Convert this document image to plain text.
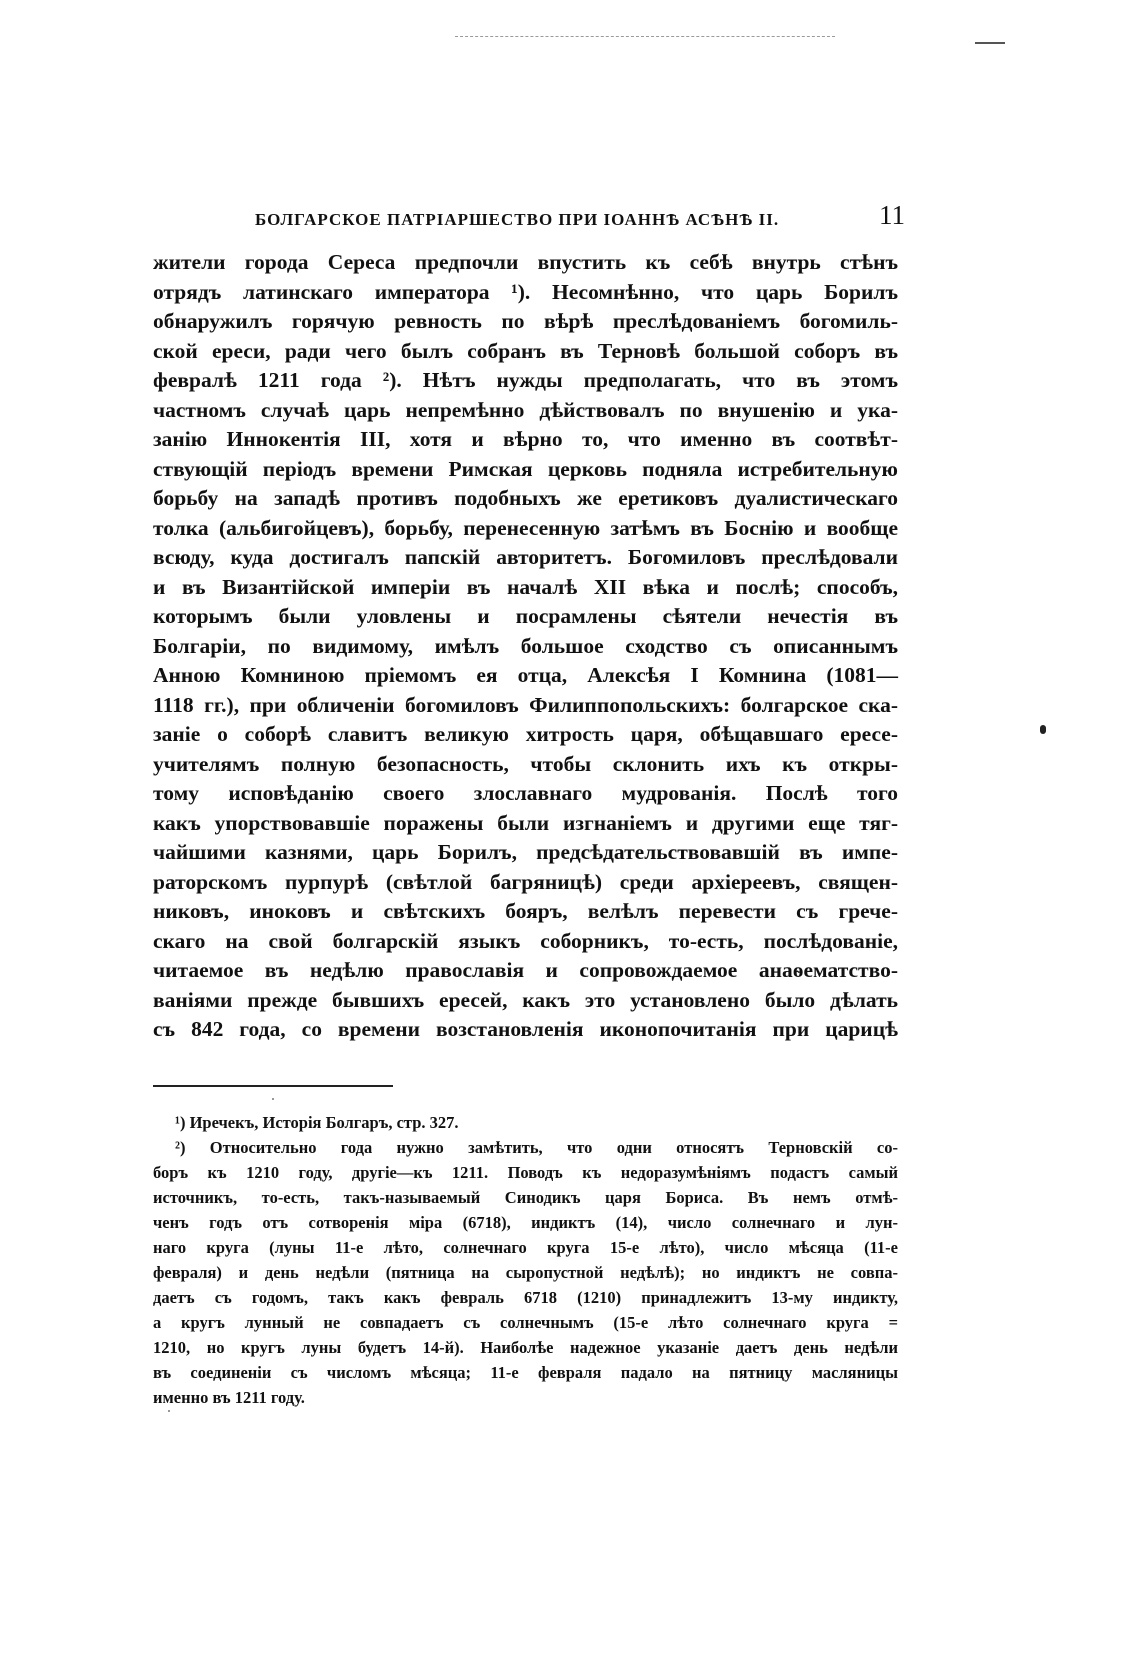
БОЛГАРСКОЕ ПАТРІАРШЕСТВО ПРИ ІОАННѢ АСѢНѢ II.	11
жители города Сереса предпочли впустить къ себѣ внутрь стѣнъ
отрядъ латинскаго императора ¹). Несомнѣнно, что царь Борилъ
обнаружилъ горячую ревность по вѣрѣ преслѣдованіемъ богомиль-
ской ереси, ради чего былъ собранъ въ Терновѣ большой соборъ въ
февралѣ 1211 года ²). Нѣтъ нужды предполагать, что въ этомъ
частномъ случаѣ царь непремѣнно дѣйствовалъ по внушенію и ука-
занію Иннокентія III, хотя и вѣрно то, что именно въ соотвѣт-
ствующій періодъ времени Римская церковь подняла истребительную
борьбу на западѣ противъ подобныхъ же еретиковъ дуалистическаго
толка (альбигойцевъ), борьбу, перенесенную затѣмъ въ Боснію и вообще
всюду, куда достигалъ папскій авторитетъ. Богомиловъ преслѣдовали
и въ Византійской имперіи въ началѣ XII вѣка и послѣ; способъ,
которымъ были уловлены и посрамлены сѣятели нечестія въ
Болгаріи, по видимому, имѣлъ большое сходство съ описаннымъ
Анною Комниною пріемомъ ея отца, Алексѣя I Комнина (1081—
1118 гг.), при обличеніи богомиловъ Филиппопольскихъ: болгарское ска-
заніе о соборѣ славитъ великую хитрость царя, обѣщавшаго ересе-
учителямъ полную безопасность, чтобы склонить ихъ къ откры-
тому исповѣданію своего злославнаго мудрованія. Послѣ того
какъ упорствовавшіе поражены были изгнаніемъ и другими еще тяг-
чайшими казнями, царь Борилъ, предсѣдательствовавшій въ импе-
раторскомъ пурпурѣ (свѣтлой багряницѣ) среди архіереевъ, священ-
никовъ, иноковъ и свѣтскихъ бояръ, велѣлъ перевести съ грече-
скаго на свой болгарскій языкъ соборникъ, то-есть, послѣдованіе,
читаемое въ недѣлю православія и сопровождаемое анаѳематство-
ваніями прежде бывшихъ ересей, какъ это установлено было дѣлать
съ 842 года, со времени возстановленія иконопочитанія при царицѣ
¹) Иречекъ, Исторія Болгаръ, стр. 327.
²) Относительно года нужно замѣтить, что одни относятъ Терновскій со-
боръ къ 1210 году, другіе—къ 1211. Поводъ къ недоразумѣніямъ подастъ самый
источникъ, то-есть, такъ-называемый Синодикъ царя Бориса. Въ немъ отмѣ-
ченъ годъ отъ сотворенія міра (6718), индиктъ (14), число солнечнаго и лун-
наго круга (луны 11-е лѣто, солнечнаго круга 15-е лѣто), число мѣсяца (11-е
февраля) и день недѣли (пятница на сыропустной недѣлѣ); но индиктъ не совпа-
даетъ съ годомъ, такъ какъ февраль 6718 (1210) принадлежитъ 13-му индикту,
а кругъ лунный не совпадаетъ съ солнечнымъ (15-е лѣто солнечнаго круга =
1210, но кругъ луны будетъ 14-й). Наиболѣе надежное указаніе даетъ день недѣли
въ соединеніи съ числомъ мѣсяца; 11-е февраля падало на пятницу масляницы
именно въ 1211 году.
